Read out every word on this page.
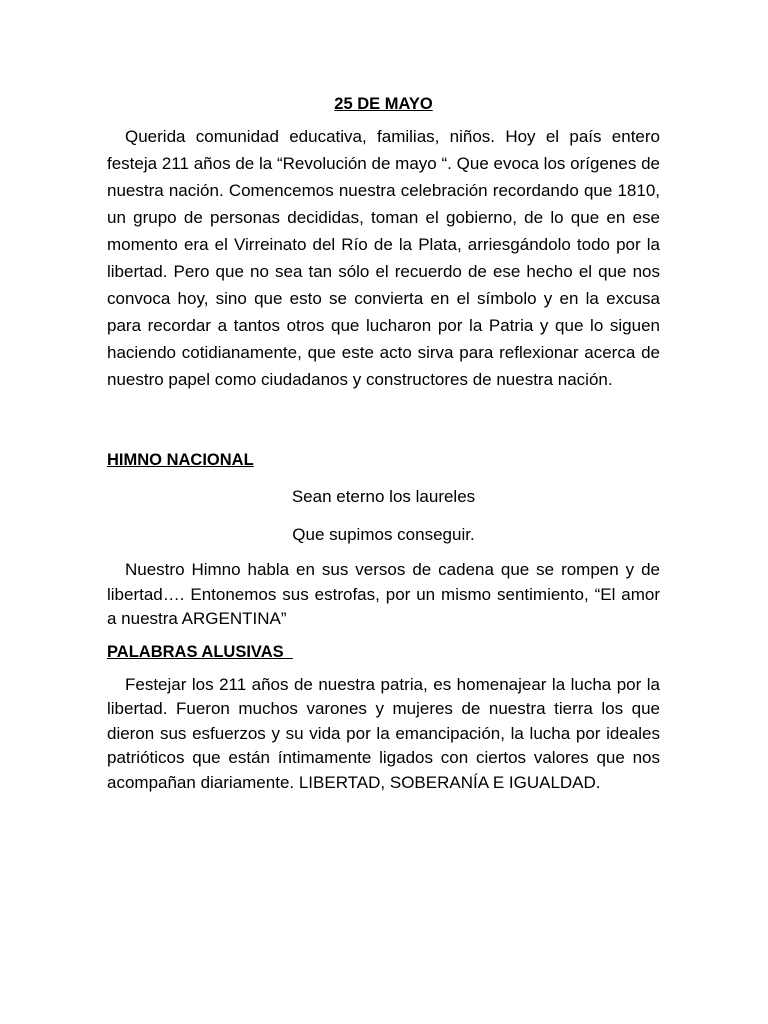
25 DE MAYO

Querida comunidad educativa, familias, niños. Hoy el país entero festeja 211 años de la “Revolución de mayo “. Que evoca los orígenes de nuestra nación. Comencemos nuestra celebración recordando que 1810, un grupo de personas decididas, toman el gobierno, de lo que en ese momento era el Virreinato del Río de la Plata, arriesgándolo todo por la libertad. Pero que no sea tan sólo el recuerdo de ese hecho el que nos convoca hoy, sino que esto se convierta en el símbolo y en la excusa para recordar a tantos otros que lucharon por la Patria y que lo siguen haciendo cotidianamente, que este acto sirva para reflexionar acerca de nuestro papel como ciudadanos y constructores de nuestra nación.

HIMNO NACIONAL

Sean eterno los laureles

Que supimos conseguir.

Nuestro Himno habla en sus versos de cadena que se rompen y de libertad…. Entonemos sus estrofas, por un mismo sentimiento, “El amor a nuestra ARGENTINA”

PALABRAS ALUSIVAS

Festejar los 211 años de nuestra patria, es homenajear la lucha por la libertad. Fueron muchos varones y mujeres de nuestra tierra los que dieron sus esfuerzos y su vida por la emancipación, la lucha por ideales patrióticos que están íntimamente ligados con ciertos valores que nos acompañan diariamente. LIBERTAD, SOBERANÍA E IGUALDAD.
